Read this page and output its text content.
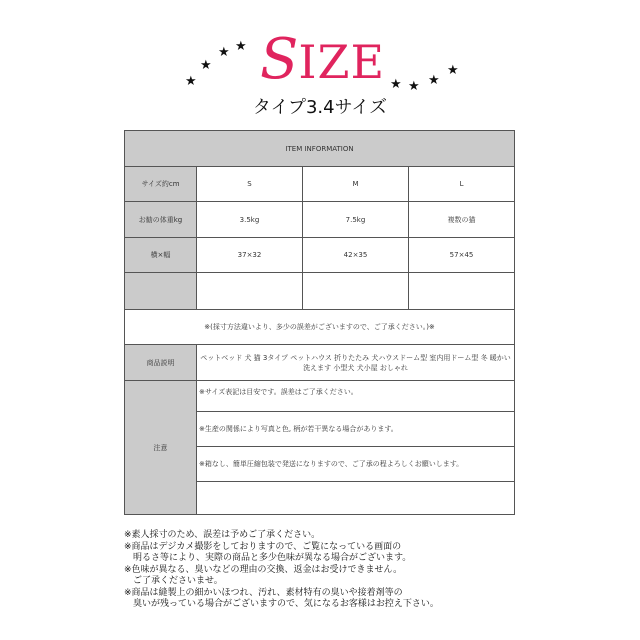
★
★
★ ★
★ ★ ★
★
SIZE
タイプ3.4サイズ
ITEM INFORMATION			
サイズ約cm	S	M	L
お勧の体重kg	3.5kg	7.5kg	複数の猫
横×幅	37×32	42×35	57×45

※(採寸方法違いより、多少の誤差がございますので、ご了承ください。)※			
商品説明	ペットベッド 犬 猫 3タイプ ペットハウス 折りたたみ 犬ハウスドーム型 室内用ドーム型 冬 暖かい 洗えます 小型犬 犬小屋 おしゃれ		
注意	※サイズ表記は目安です。誤差はご了承ください。
※生産の関係により写真と色, 柄が若干異なる場合があります。
※箱なし、簡単圧縮包装で発送になりますので、ご了承の程よろしくお願いします。		

※素人採寸のため、誤差は予めご了承ください。

※商品はデジカメ撮影をしておりますので、ご覧になっている画面の

　明るさ等により、実際の商品と多少色味が異なる場合がございます。

※色味が異なる、臭いなどの理由の交換、返金はお受けできません。

　ご了承くださいませ。

※商品は縫製上の細かいほつれ、汚れ、素材特有の臭いや接着剤等の

　臭いが残っている場合がございますので、気になるお客様はお控え下さい。
